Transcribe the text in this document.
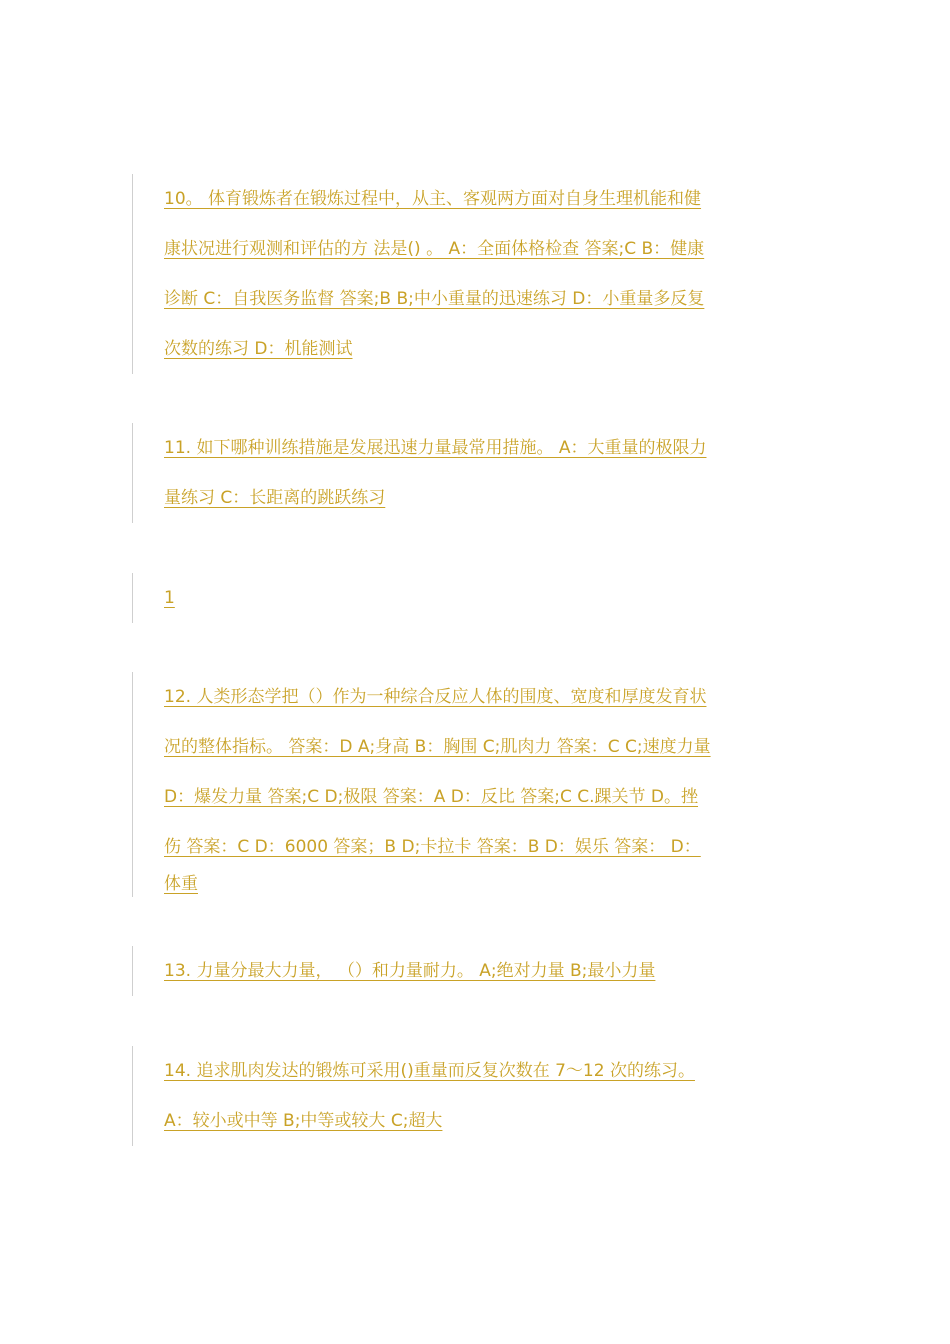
10。 体育锻炼者在锻炼过程中，从主、客观两方面对自身生理机能和健
康状况进行观测和评估的方 法是() 。 A：全面体格检查 答案;C B：健康
诊断 C：自我医务监督 答案;B B;中小重量的迅速练习 D：小重量多反复
次数的练习 D：机能测试
11. 如下哪种训练措施是发展迅速力量最常用措施。 A：大重量的极限力
量练习 C：长距离的跳跃练习
1
12. 人类形态学把（）作为一种综合反应人体的围度、宽度和厚度发育状
况的整体指标。 答案：D A;身高 B：胸围 C;肌肉力 答案：C C;速度力量
D：爆发力量 答案;C D;极限 答案：A D：反比 答案;C C.踝关节 D。挫
伤 答案：C D：6000 答案；B D;卡拉卡 答案：B D：娱乐 答案： D：
体重
13. 力量分最大力量， （）和力量耐力。 A;绝对力量 B;最小力量
14. 追求肌肉发达的锻炼可采用()重量而反复次数在 7～12 次的练习。
A：较小或中等 B;中等或较大 C;超大
